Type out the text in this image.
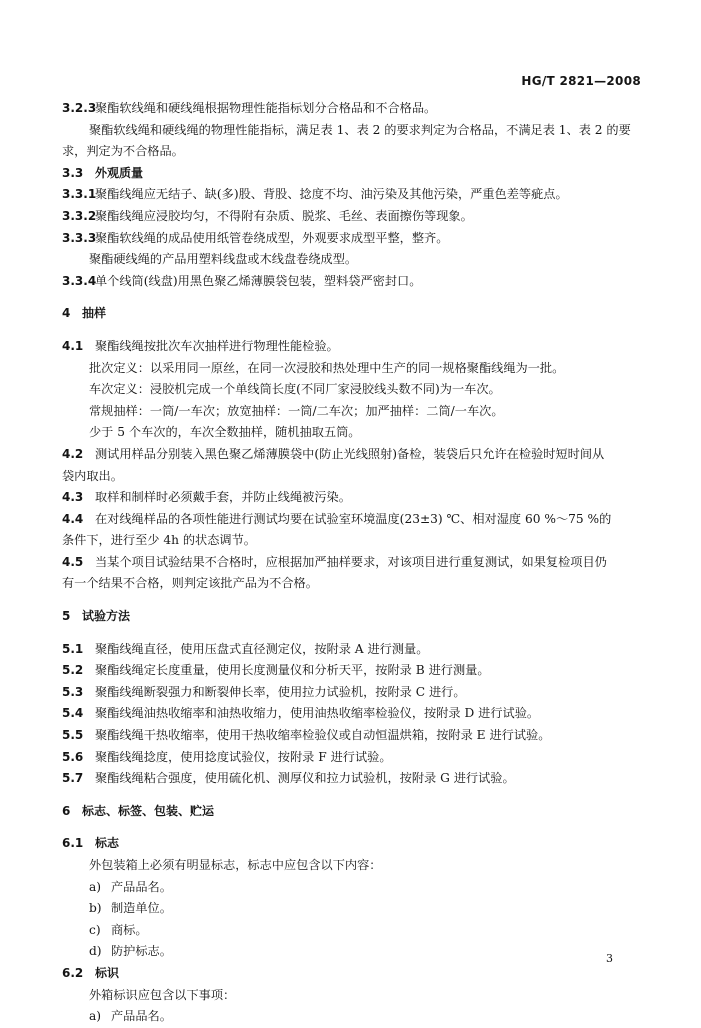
HG/T 2821—2008
3.2.3聚酯软线绳和硬线绳根据物理性能指标划分合格品和不合格品。
聚酯软线绳和硬线绳的物理性能指标，满足表 1、表 2 的要求判定为合格品，不满足表 1、表 2 的要
求，判定为不合格品。
3.3 外观质量
3.3.1聚酯线绳应无结子、缺(多)股、背股、捻度不均、油污染及其他污染，严重色差等疵点。
3.3.2聚酯线绳应浸胶均匀，不得附有杂质、脱浆、毛丝、表面擦伤等现象。
3.3.3聚酯软线绳的成品使用纸管卷绕成型，外观要求成型平整，整齐。
聚酯硬线绳的产品用塑料线盘或木线盘卷绕成型。
3.3.4单个线筒(线盘)用黑色聚乙烯薄膜袋包装，塑料袋严密封口。
4 抽样
4.1 聚酯线绳按批次车次抽样进行物理性能检验。
批次定义：以采用同一原丝，在同一次浸胶和热处理中生产的同一规格聚酯线绳为一批。
车次定义：浸胶机完成一个单线筒长度(不同厂家浸胶线头数不同)为一车次。
常规抽样：一筒/一车次；放宽抽样：一筒/二车次；加严抽样：二筒/一车次。
少于 5 个车次的，车次全数抽样，随机抽取五筒。
4.2 测试用样品分别装入黑色聚乙烯薄膜袋中(防止光线照射)备检，装袋后只允许在检验时短时间从
袋内取出。
4.3 取样和制样时必须戴手套，并防止线绳被污染。
4.4 在对线绳样品的各项性能进行测试均要在试验室环境温度(23±3) ℃、相对湿度 60 %～75 %的
条件下，进行至少 4h 的状态调节。
4.5 当某个项目试验结果不合格时，应根据加严抽样要求，对该项目进行重复测试，如果复检项目仍
有一个结果不合格，则判定该批产品为不合格。
5 试验方法
5.1 聚酯线绳直径，使用压盘式直径测定仪，按附录 A 进行测量。
5.2 聚酯线绳定长度重量，使用长度测量仪和分析天平，按附录 B 进行测量。
5.3 聚酯线绳断裂强力和断裂伸长率，使用拉力试验机，按附录 C 进行。
5.4 聚酯线绳油热收缩率和油热收缩力，使用油热收缩率检验仪，按附录 D 进行试验。
5.5 聚酯线绳干热收缩率，使用干热收缩率检验仪或自动恒温烘箱，按附录 E 进行试验。
5.6 聚酯线绳捻度，使用捻度试验仪，按附录 F 进行试验。
5.7 聚酯线绳粘合强度，使用硫化机、测厚仪和拉力试验机，按附录 G 进行试验。
6 标志、标签、包装、贮运
6.1 标志
外包装箱上必须有明显标志，标志中应包含以下内容：
a) 产品品名。
b) 制造单位。
c) 商标。
d) 防护标志。
6.2 标识
外箱标识应包含以下事项：
a) 产品品名。
3
